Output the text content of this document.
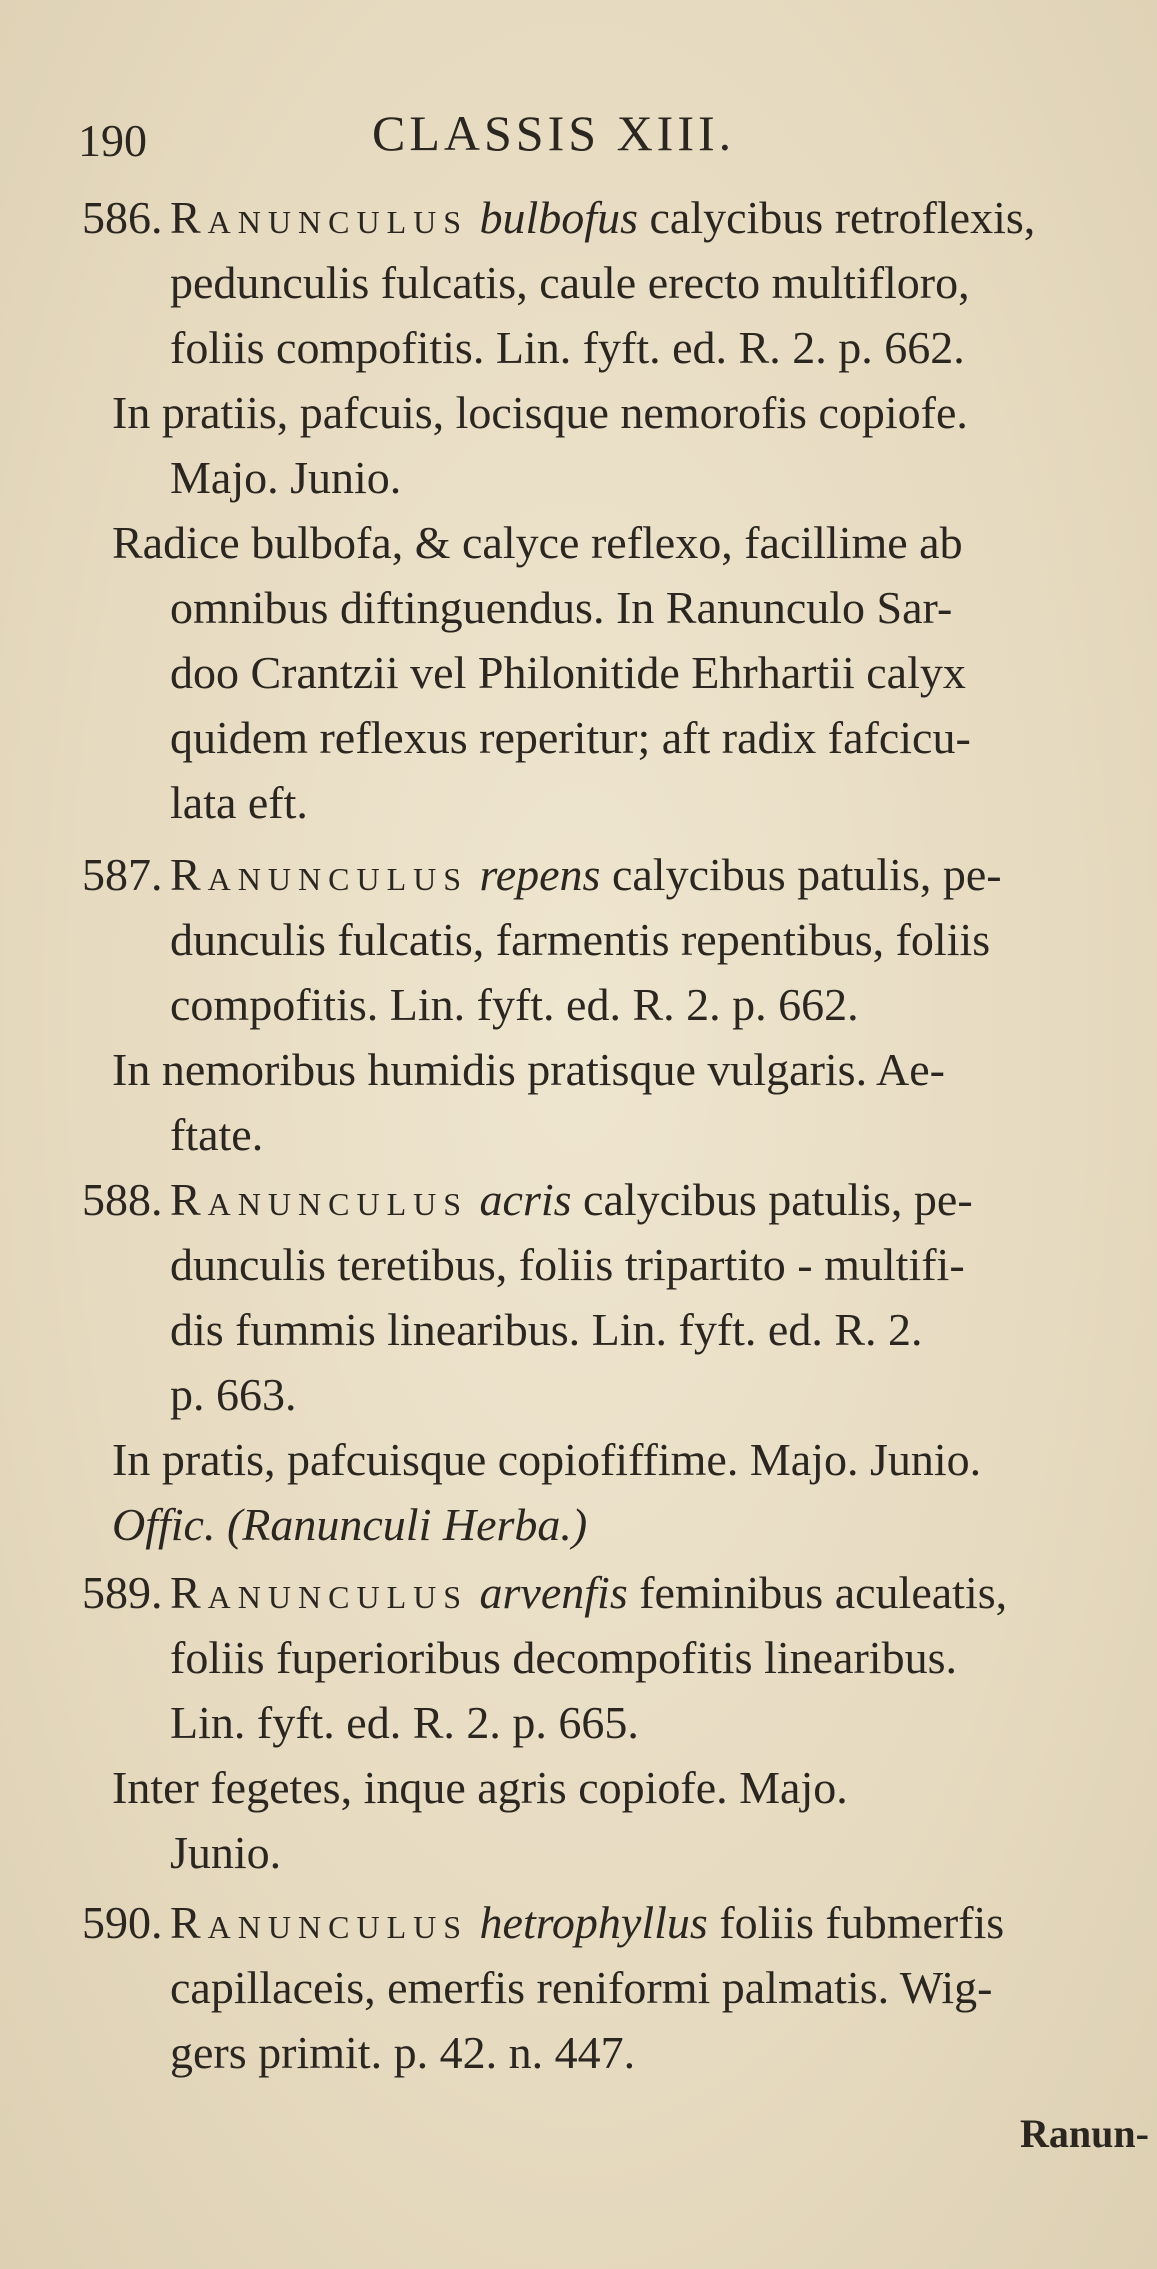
190	CLASSIS XIII.
586. Ranunculus bulbofus calycibus retroflexis,
pedunculis fulcatis, caule erecto multifloro,
foliis compofitis. Lin. fyft. ed. R. 2. p. 662.
In pratiis, pafcuis, locisque nemorofis copiofe.
Majo. Junio.
Radice bulbofa, & calyce reflexo, facillime ab
omnibus diftinguendus. In Ranunculo Sar-
doo Crantzii vel Philonitide Ehrhartii calyx
quidem reflexus reperitur; aft radix fafcicu-
lata eft.
587. Ranunculus repens calycibus patulis, pe-
dunculis fulcatis, farmentis repentibus, foliis
compofitis. Lin. fyft. ed. R. 2. p. 662.
In nemoribus humidis pratisque vulgaris. Ae-
ftate.
588. Ranunculus acris calycibus patulis, pe-
dunculis teretibus, foliis tripartito - multifi-
dis fummis linearibus. Lin. fyft. ed. R. 2.
p. 663.
In pratis, pafcuisque copiofiffime. Majo. Junio.
Offic. (Ranunculi Herba.)
589. Ranunculus arvenfis feminibus aculeatis,
foliis fuperioribus decompofitis linearibus.
Lin. fyft. ed. R. 2. p. 665.
Inter fegetes, inque agris copiofe. Majo.
Junio.
590. Ranunculus hetrophyllus foliis fubmerfis
capillaceis, emerfis reniformi palmatis. Wig-
gers primit. p. 42. n. 447.
Ranun-
